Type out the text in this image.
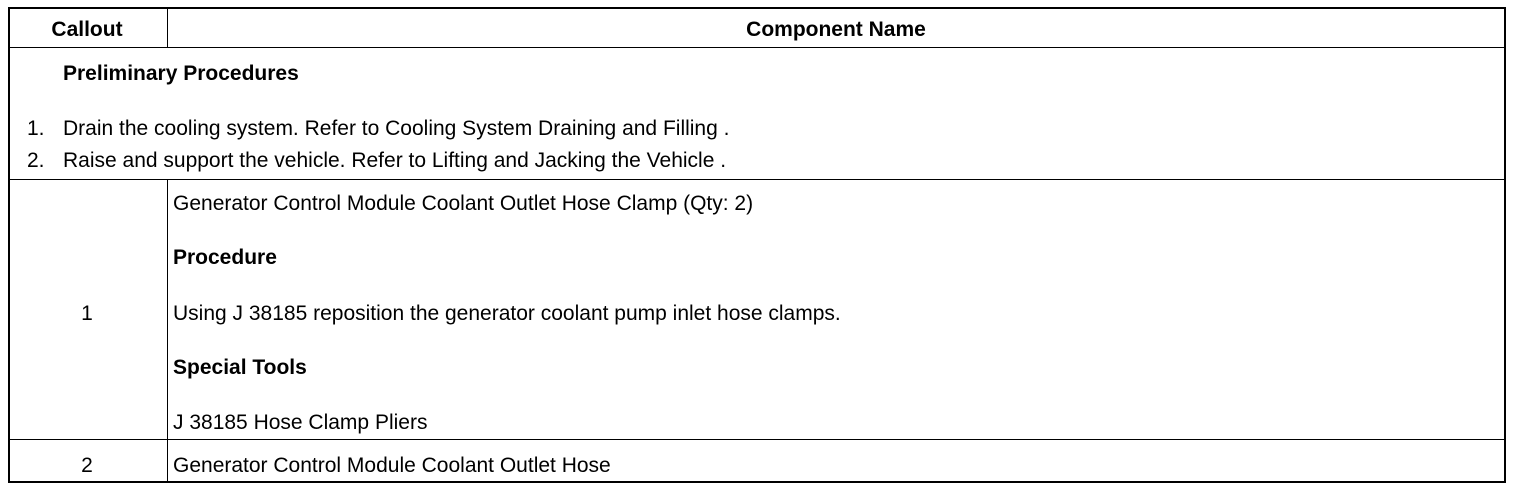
Callout	Component Name
Preliminary Procedures
1. Drain the cooling system. Refer to Cooling System Draining and Filling .
2. Raise and support the vehicle. Refer to Lifting and Jacking the Vehicle .
1
Generator Control Module Coolant Outlet Hose Clamp (Qty: 2)
Procedure
Using J 38185 reposition the generator coolant pump inlet hose clamps.
Special Tools
J 38185 Hose Clamp Pliers
2	Generator Control Module Coolant Outlet Hose
